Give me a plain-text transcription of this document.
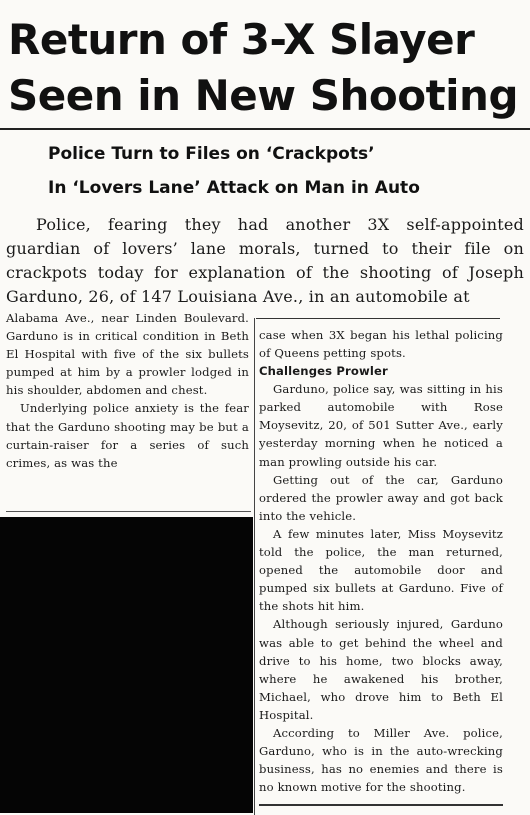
Return of 3-X Slayer
Seen in New Shooting
Police Turn to Files on ‘Crackpots’
In ‘Lovers Lane’ Attack on Man in Auto

Police, fearing they had another 3X self-appointed guardian of lovers’ lane morals, turned to their file on crackpots today for explanation of the shooting of Joseph Garduno, 26, of 147 Louisiana Ave., in an automobile at

Alabama Ave., near Linden Boulevard. Garduno is in critical condition in Beth El Hospital with five of the six bullets pumped at him by a prowler lodged in his shoulder, abdomen and chest.

Underlying police anxiety is the fear that the Garduno shooting may be but a curtain-raiser for a series of such crimes, as was the

case when 3X began his lethal policing of Queens petting spots.

Challenges Prowler

Garduno, police say, was sitting in his parked automobile with Rose Moysevitz, 20, of 501 Sutter Ave., early yesterday morning when he noticed a man prowling outside his car.

Getting out of the car, Garduno ordered the prowler away and got back into the vehicle.

A few minutes later, Miss Moysevitz told the police, the man returned, opened the automobile door and pumped six bullets at Garduno. Five of the shots hit him.

Although seriously injured, Garduno was able to get behind the wheel and drive to his home, two blocks away, where he awakened his brother, Michael, who drove him to Beth El Hospital.

According to Miller Ave. police, Garduno, who is in the auto-wrecking business, has no enemies and there is no known motive for the shooting.
